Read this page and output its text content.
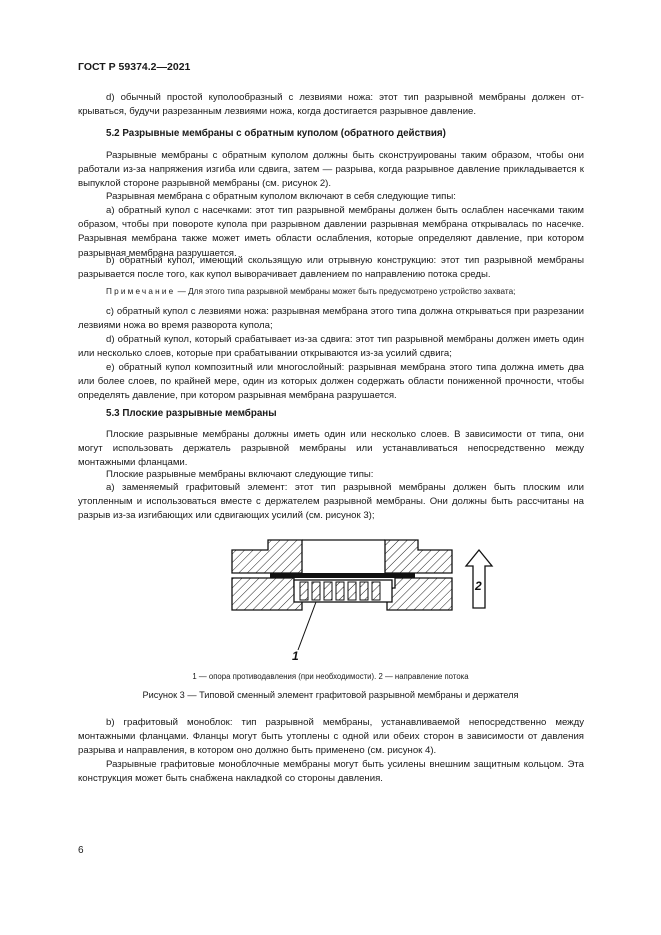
ГОСТ Р 59374.2—2021

d) обычный простой куполообразный с лезвиями ножа: этот тип разрывной мембраны должен открываться, будучи разрезанным лезвиями ножа, когда достигается разрывное давление.

5.2 Разрывные мембраны с обратным куполом (обратного действия)

Разрывные мембраны с обратным куполом должны быть сконструированы таким образом, чтобы они работали из-за напряжения изгиба или сдвига, затем — разрыва, когда разрывное давление прикладывается к выпуклой стороне разрывной мембраны (см. рисунок 2).

Разрывная мембрана с обратным куполом включают в себя следующие типы:

а) обратный купол с насечками: этот тип разрывной мембраны должен быть ослаблен насечками таким образом, чтобы при повороте купола при разрывном давлении разрывная мембрана открывалась по насечке. Разрывная мембрана также может иметь области ослабления, которые определяют давление, при котором разрывная мембрана разрушается.

b) обратный купол, имеющий скользящую или отрывную конструкцию: этот тип разрывной мембраны разрывается после того, как купол выворачивает давлением по направлению потока среды.

Примечание — Для этого типа разрывной мембраны может быть предусмотрено устройство захвата;

с) обратный купол с лезвиями ножа: разрывная мембрана этого типа должна открываться при разрезании лезвиями ножа во время разворота купола;

d) обратный купол, который срабатывает из-за сдвига: этот тип разрывной мембраны должен иметь один или несколько слоев, которые при срабатывании открываются из-за усилий сдвига;

е) обратный купол композитный или многослойный: разрывная мембрана этого типа должна иметь два или более слоев, по крайней мере, один из которых должен содержать области пониженной прочности, чтобы определять давление, при котором разрывная мембрана разрушается.

5.3 Плоские разрывные мембраны

Плоские разрывные мембраны должны иметь один или несколько слоев. В зависимости от типа, они могут использовать держатель разрывной мембраны или устанавливаться непосредственно между монтажными фланцами.

Плоские разрывные мембраны включают следующие типы:

а) заменяемый графитовый элемент: этот тип разрывной мембраны должен быть плоским или утопленным и использоваться вместе с держателем разрывной мембраны. Они должны быть рассчитаны на разрыв из-за изгибающих или сдвигающих усилий (см. рисунок 3);

1
2
1 — опора противодавления (при необходимости). 2 — направление потока
Рисунок 3 — Типовой сменный элемент графитовой разрывной мембраны и держателя

b) графитовый моноблок: тип разрывной мембраны, устанавливаемой непосредственно между монтажными фланцами. Фланцы могут быть утоплены с одной или обеих сторон в зависимости от давления разрыва и направления, в котором оно должно быть применено (см. рисунок 4).

Разрывные графитовые моноблочные мембраны могут быть усилены внешним защитным кольцом. Эта конструкция может быть снабжена накладкой со стороны давления.

6
